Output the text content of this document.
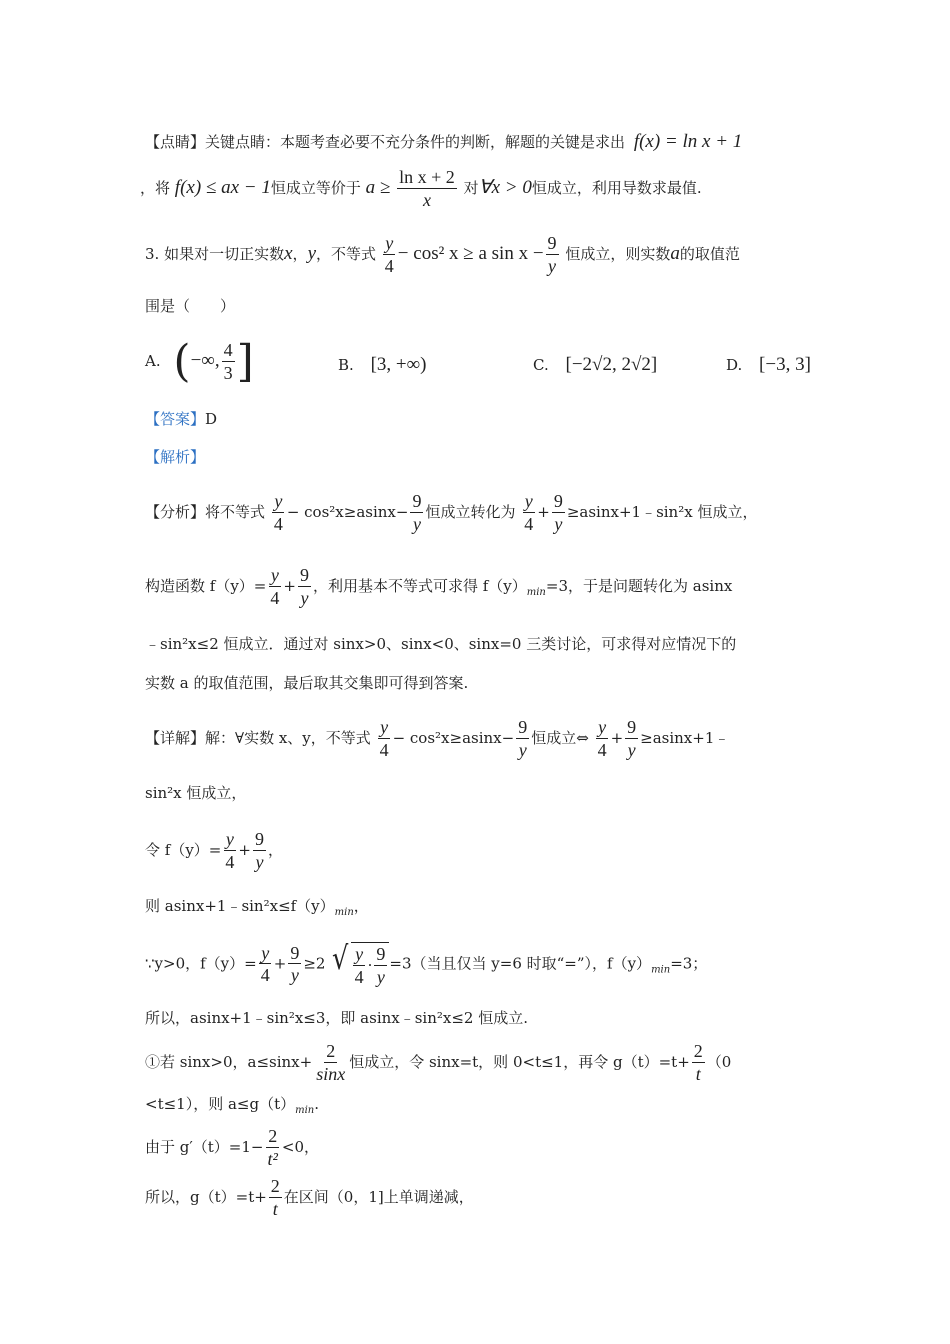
【点睛】关键点睛：本题考查必要不充分条件的判断，解题的关键是求出 f(x) = ln x + 1
，将 f(x) ≤ ax − 1恒成立等价于 $a \ge \frac{\text{ln x + 2}}{x}$ 对∀x > 0恒成立，利用导数求最值.
3. 如果对一切正实数x，y，不等式 $\frac{y}{4} - \cos^2$ x ≥ a $\sin x - \frac{9}{y}$ 恒成立，则实数a的取值范
围是（　　）
A. (−∞, $\frac{4}{3}$ ]	B. [3, +∞)	C. [−2√2, 2√2]	D. [−3, 3]
【答案】D
【解析】
【分析】将不等式 $\frac{y}{4} - \cos^2x\ge asinx- \frac{9}{y}$ 恒成立转化为 $\frac{y}{4} + \frac{9}{y}$ ≥asinx+1﹣sin²x 恒成立，
构造函数 $f(y)= \frac{y}{4} + \frac{9}{y}$ ，利用基本不等式可求得 $f(y)_{min}=3$，于是问题转化为 asinx
﹣sin²x≤2 恒成立．通过对 sinx>0、sinx<0、sinx=0 三类讨论，可求得对应情况下的
实数 a 的取值范围，最后取其交集即可得到答案.
【详解】解：∀实数 x、y，不等式 $\frac{y}{4} - \cos^2x\ge asinx- \frac{9}{y}$ 恒成立⇔ $\frac{y}{4} + \frac{9}{y}$ ≥asinx+1﹣
sin²x 恒成立，
令 $f(y)= \frac{y}{4} + \frac{9}{y}$ ，
则 $asinx+1﹣\sin^2x\le f(y)_{min}$，
∵y>0，$f(y)= \frac{y}{4} + \frac{9}{y} \ge 2$ √ $\frac{y}{4} \cdot \frac{9}{y} =3$（当且仅当 y=6 时取“=”），$f(y)_{min}=3$；
所以，asinx+1﹣sin²x≤3，即 asinx﹣sin²x≤2 恒成立.
①若 sinx>0，$a\le\sin x+ \frac{2}{\sin x}$ 恒成立，令 sinx=t，则 0<t≤1，再令 $g(t)=t+ \frac{2}{t} (0$
<t≤1），则 $a\le g(t)_{min}$.
由于 $g'(t)=1- \frac{2}{\text{t²}} <0$，
所以，$g(t)=t+ \frac{2}{t}$ 在区间（0，1]上单调递减，
